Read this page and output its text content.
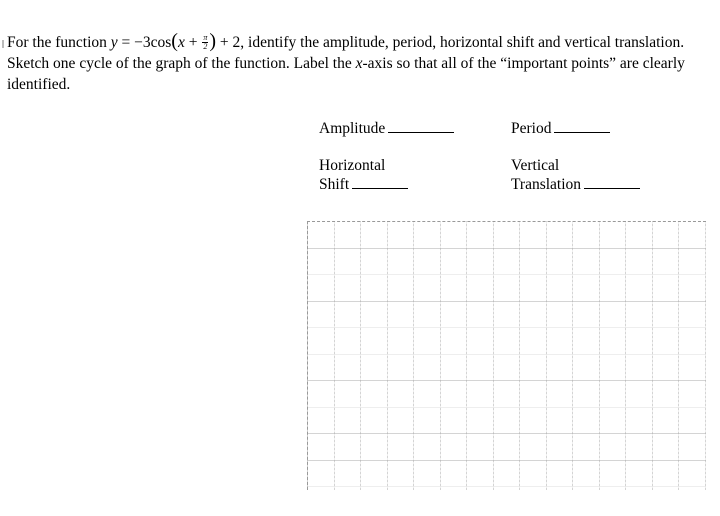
For the function $y = -3\cos(x + \frac{\pi}{2}$ ) + 2, identify the amplitude, period, horizontal shift and vertical translation. Sketch one cycle of the graph of the function. Label the x-axis so that all of the “important points” are clearly identified.

Amplitude	Period
Horizontal
Shift
Vertical
Translation
